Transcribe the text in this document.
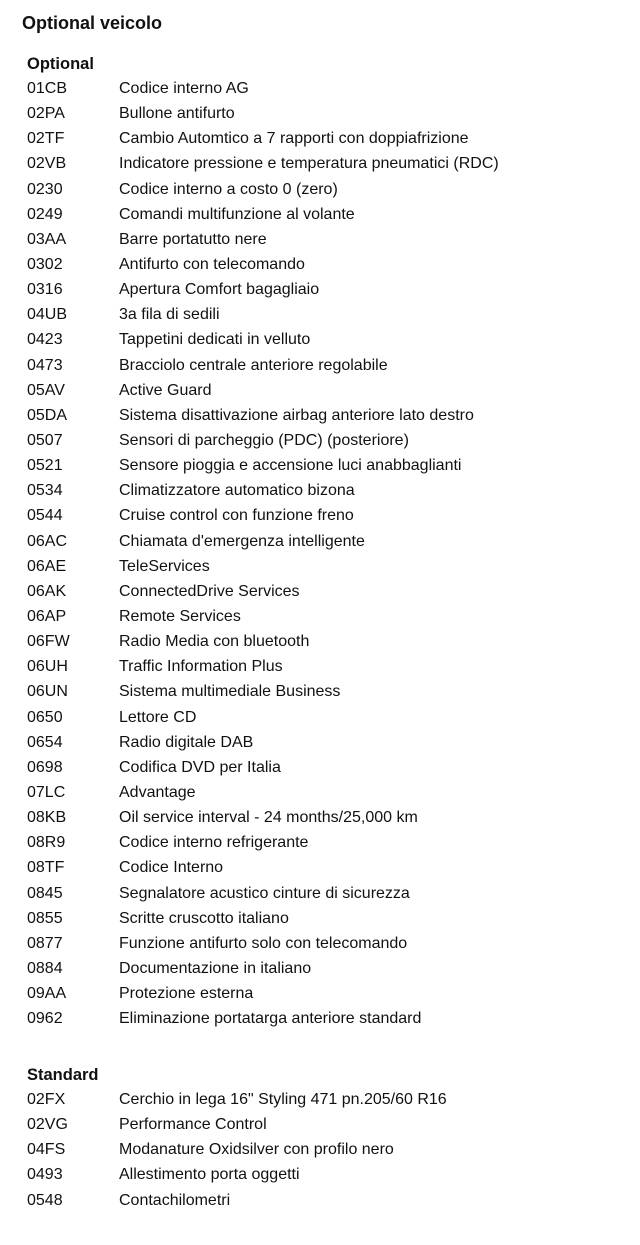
Optional veicolo
Optional
01CB	Codice interno AG
02PA	Bullone antifurto
02TF	Cambio Automtico a 7 rapporti con doppiafrizione
02VB	Indicatore pressione e temperatura pneumatici (RDC)
0230	Codice interno a costo 0 (zero)
0249	Comandi multifunzione al volante
03AA	Barre portatutto nere
0302	Antifurto con telecomando
0316	Apertura Comfort bagagliaio
04UB	3a fila di sedili
0423	Tappetini dedicati in velluto
0473	Bracciolo centrale anteriore regolabile
05AV	Active Guard
05DA	Sistema disattivazione airbag anteriore lato destro
0507	Sensori di parcheggio (PDC) (posteriore)
0521	Sensore pioggia e accensione luci anabbaglianti
0534	Climatizzatore automatico bizona
0544	Cruise control con funzione freno
06AC	Chiamata d'emergenza intelligente
06AE	TeleServices
06AK	ConnectedDrive Services
06AP	Remote Services
06FW	Radio Media con bluetooth
06UH	Traffic Information Plus
06UN	Sistema multimediale Business
0650	Lettore CD
0654	Radio digitale DAB
0698	Codifica DVD per Italia
07LC	Advantage
08KB	Oil service interval - 24 months/25,000 km
08R9	Codice interno refrigerante
08TF	Codice Interno
0845	Segnalatore acustico cinture di sicurezza
0855	Scritte cruscotto italiano
0877	Funzione antifurto solo con telecomando
0884	Documentazione in italiano
09AA	Protezione esterna
0962	Eliminazione portatarga anteriore standard
Standard
02FX	Cerchio in lega 16" Styling 471 pn.205/60 R16
02VG	Performance Control
04FS	Modanature Oxidsilver con profilo nero
0493	Allestimento porta oggetti
0548	Contachilometri
